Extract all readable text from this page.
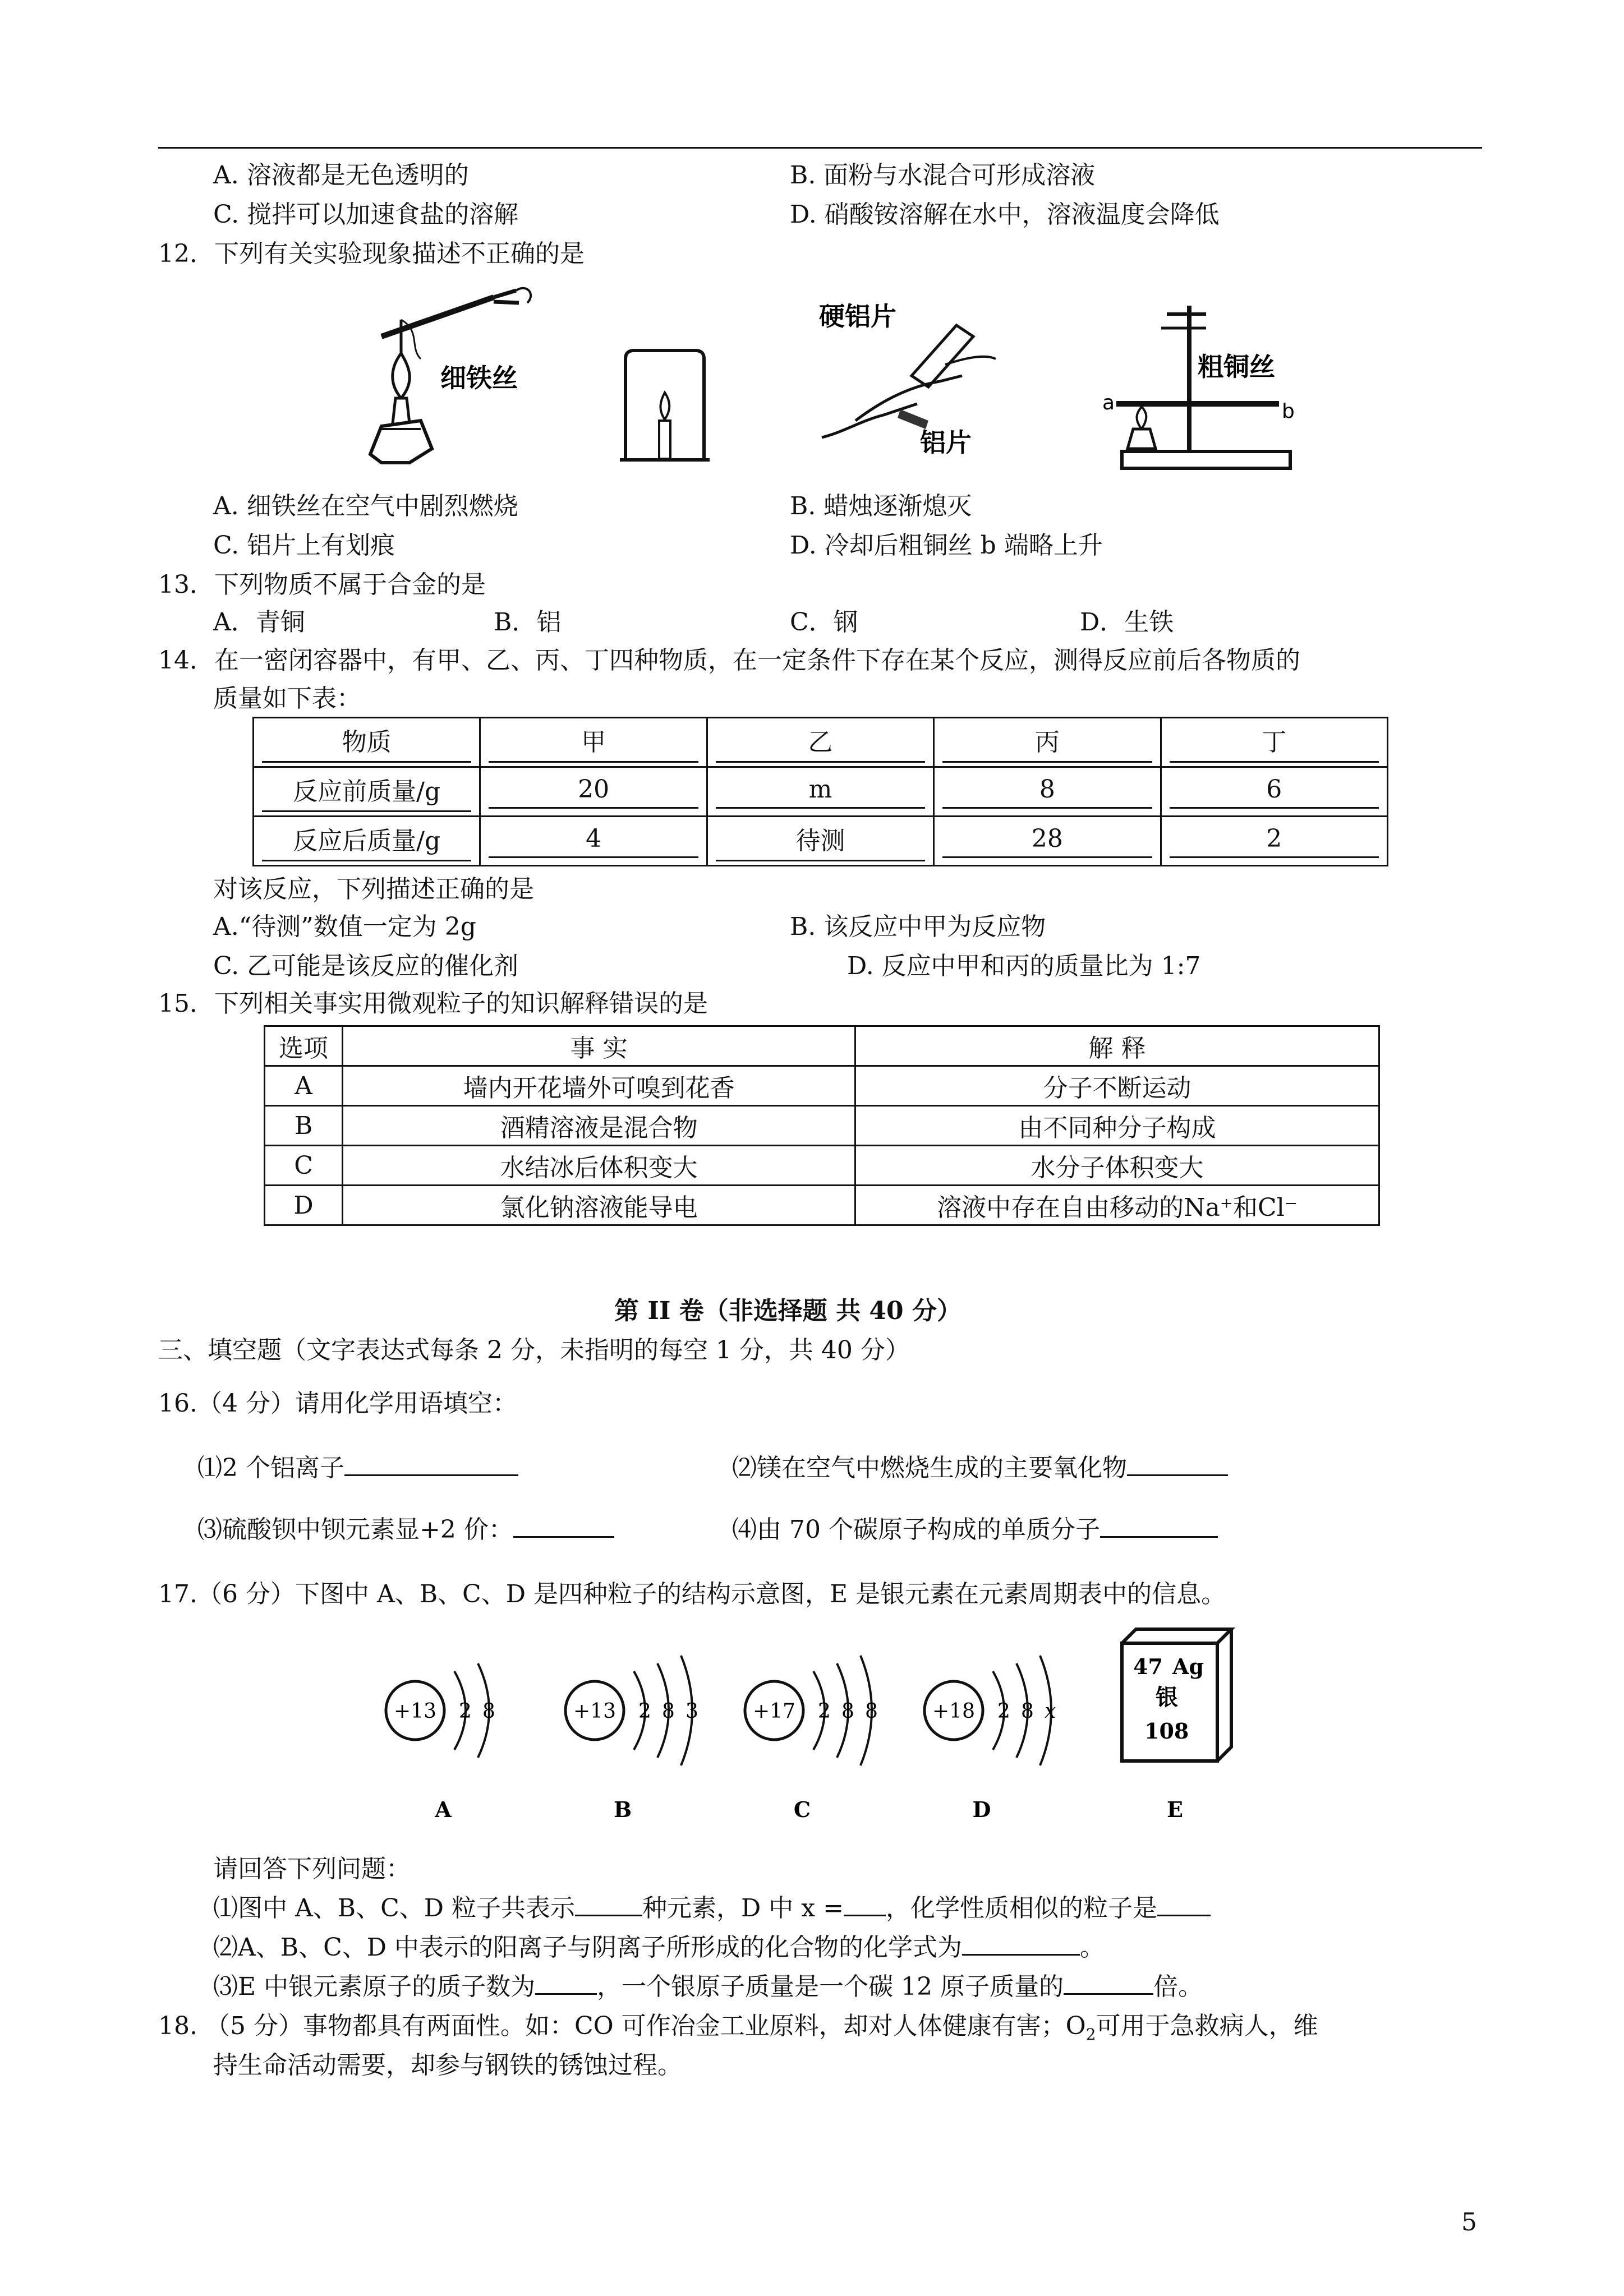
A. 溶液都是无色透明的	B. 面粉与水混合可形成溶液
C. 搅拌可以加速食盐的溶解	D. 硝酸铵溶解在水中，溶液温度会降低
12．下列有关实验现象描述不正确的是
细铁丝
硬铝片
铝片
a	b
粗铜丝
A. 细铁丝在空气中剧烈燃烧	B. 蜡烛逐渐熄灭
C. 铝片上有划痕	D. 冷却后粗铜丝 b 端略上升
13．下列物质不属于合金的是
A．青铜	B．铝	C．钢	D．生铁
14．在一密闭容器中，有甲、乙、丙、丁四种物质，在一定条件下存在某个反应，测得反应前后各物质的
质量如下表：
物质	甲	乙	丙	丁

反应前质量/g	20	m	8	6

反应后质量/g	4	待测	28	2
对该反应，下列描述正确的是
A.“待测”数值一定为 2g	B. 该反应中甲为反应物
C. 乙可能是该反应的催化剂	D. 反应中甲和丙的质量比为 1:7
15．下列相关事实用微观粒子的知识解释错误的是
选项	事 实	解 释
A	墙内开花墙外可嗅到花香	分子不断运动
B	酒精溶液是混合物	由不同种分子构成
C	水结冰后体积变大	水分子体积变大
D	氯化钠溶液能导电	溶液中存在自由移动的Na⁺和Cl⁻
第 II 卷（非选择题 共 40 分）
三、填空题（文字表达式每条 2 分，未指明的每空 1 分，共 40 分）
16.（4 分）请用化学用语填空：
⑴2 个铝离子	⑵镁在空气中燃烧生成的主要氧化物
⑶硫酸钡中钡元素显+2 价：	⑷由 70 个碳原子构成的单质分子
17.（6 分）下图中 A、B、C、D 是四种粒子的结构示意图，E 是银元素在元素周期表中的信息。
+13 2 8
A
+13 2 8 3
B
+17 2 8 8
C
+18 2 8 x
D
47 Ag
银
108
E
请回答下列问题：
⑴图中 A、B、C、D 粒子共表示	种元素，D 中 x = ，化学性质相似的粒子是
⑵A、B、C、D 中表示的阳离子与阴离子所形成的化合物的化学式为	。
⑶E 中银元素原子的质子数为	，一个银原子质量是一个碳 12 原子质量的	倍。
18. （5 分）事物都具有两面性。如：CO 可作冶金工业原料，却对人体健康有害；$O_2$可用于急救病人，维
持生命活动需要，却参与钢铁的锈蚀过程。
5
